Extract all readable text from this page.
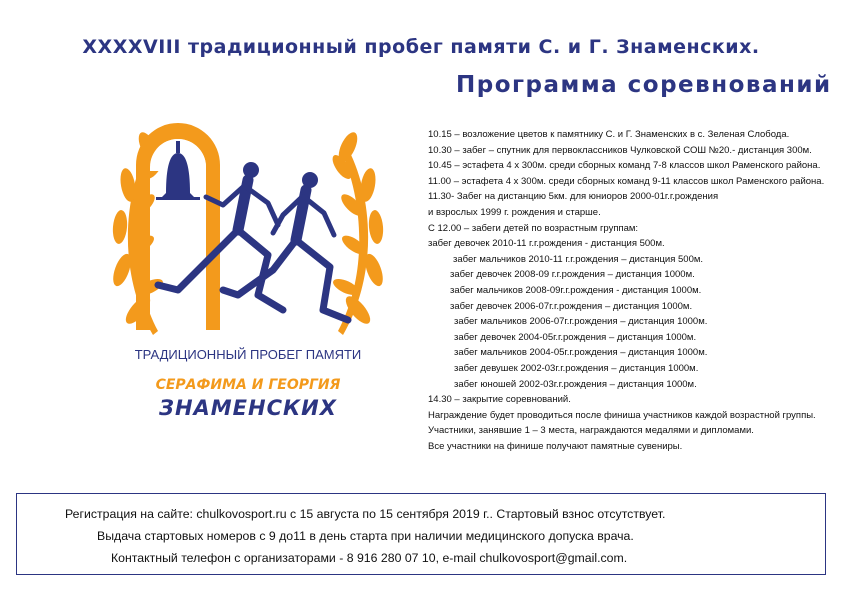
XXXXVIII традиционный пробег памяти С. и Г. Знаменских.
Программа соревнований
ТРАДИЦИОННЫЙ ПРОБЕГ ПАМЯТИ
СЕРАФИМА И ГЕОРГИЯ
ЗНАМЕНСКИХ
10.15 – возложение цветов к памятнику С. и Г. Знаменских в с. Зеленая Слобода.
10.30 – забег – спутник для первоклассников Чулковской СОШ №20.- дистанция 300м.
10.45 – эстафета 4 х 300м. среди сборных команд 7-8 классов школ Раменского района.
11.00 – эстафета 4 х 300м. среди сборных команд 9-11 классов школ Раменского района.
11.30- Забег на дистанцию 5км. для юниоров 2000-01г.г.рождения
и взрослых 1999 г. рождения и старше.
С 12.00 – забеги детей по возрастным группам:
забег девочек 2010-11 г.г.рождения - дистанция 500м.
забег мальчиков 2010-11 г.г.рождения – дистанция 500м.
забег девочек 2008-09 г.г.рождения – дистанция 1000м.
забег мальчиков 2008-09г.г.рождения - дистанция 1000м.
забег девочек 2006-07г.г.рождения – дистанция 1000м.
забег мальчиков 2006-07г.г.рождения – дистанция 1000м.
забег девочек 2004-05г.г.рождения – дистанция 1000м.
забег мальчиков 2004-05г.г.рождения – дистанция 1000м.
забег девушек 2002-03г.г.рождения – дистанция 1000м.
забег юношей 2002-03г.г.рождения – дистанция 1000м.
14.30 – закрытие соревнований.
Награждение будет проводиться после финиша участников каждой возрастной группы.
Участники, занявшие 1 – 3 места, награждаются медалями и дипломами.
Все участники на финише получают памятные сувениры.
Регистрация на сайте: chulkovosport.ru с 15 августа по 15 сентября 2019 г.. Стартовый взнос отсутствует.
Выдача стартовых номеров с 9 до11 в день старта при наличии медицинского допуска врача.
Контактный телефон с организаторами - 8 916 280 07 10, e-mail chulkovosport@gmail.com.
